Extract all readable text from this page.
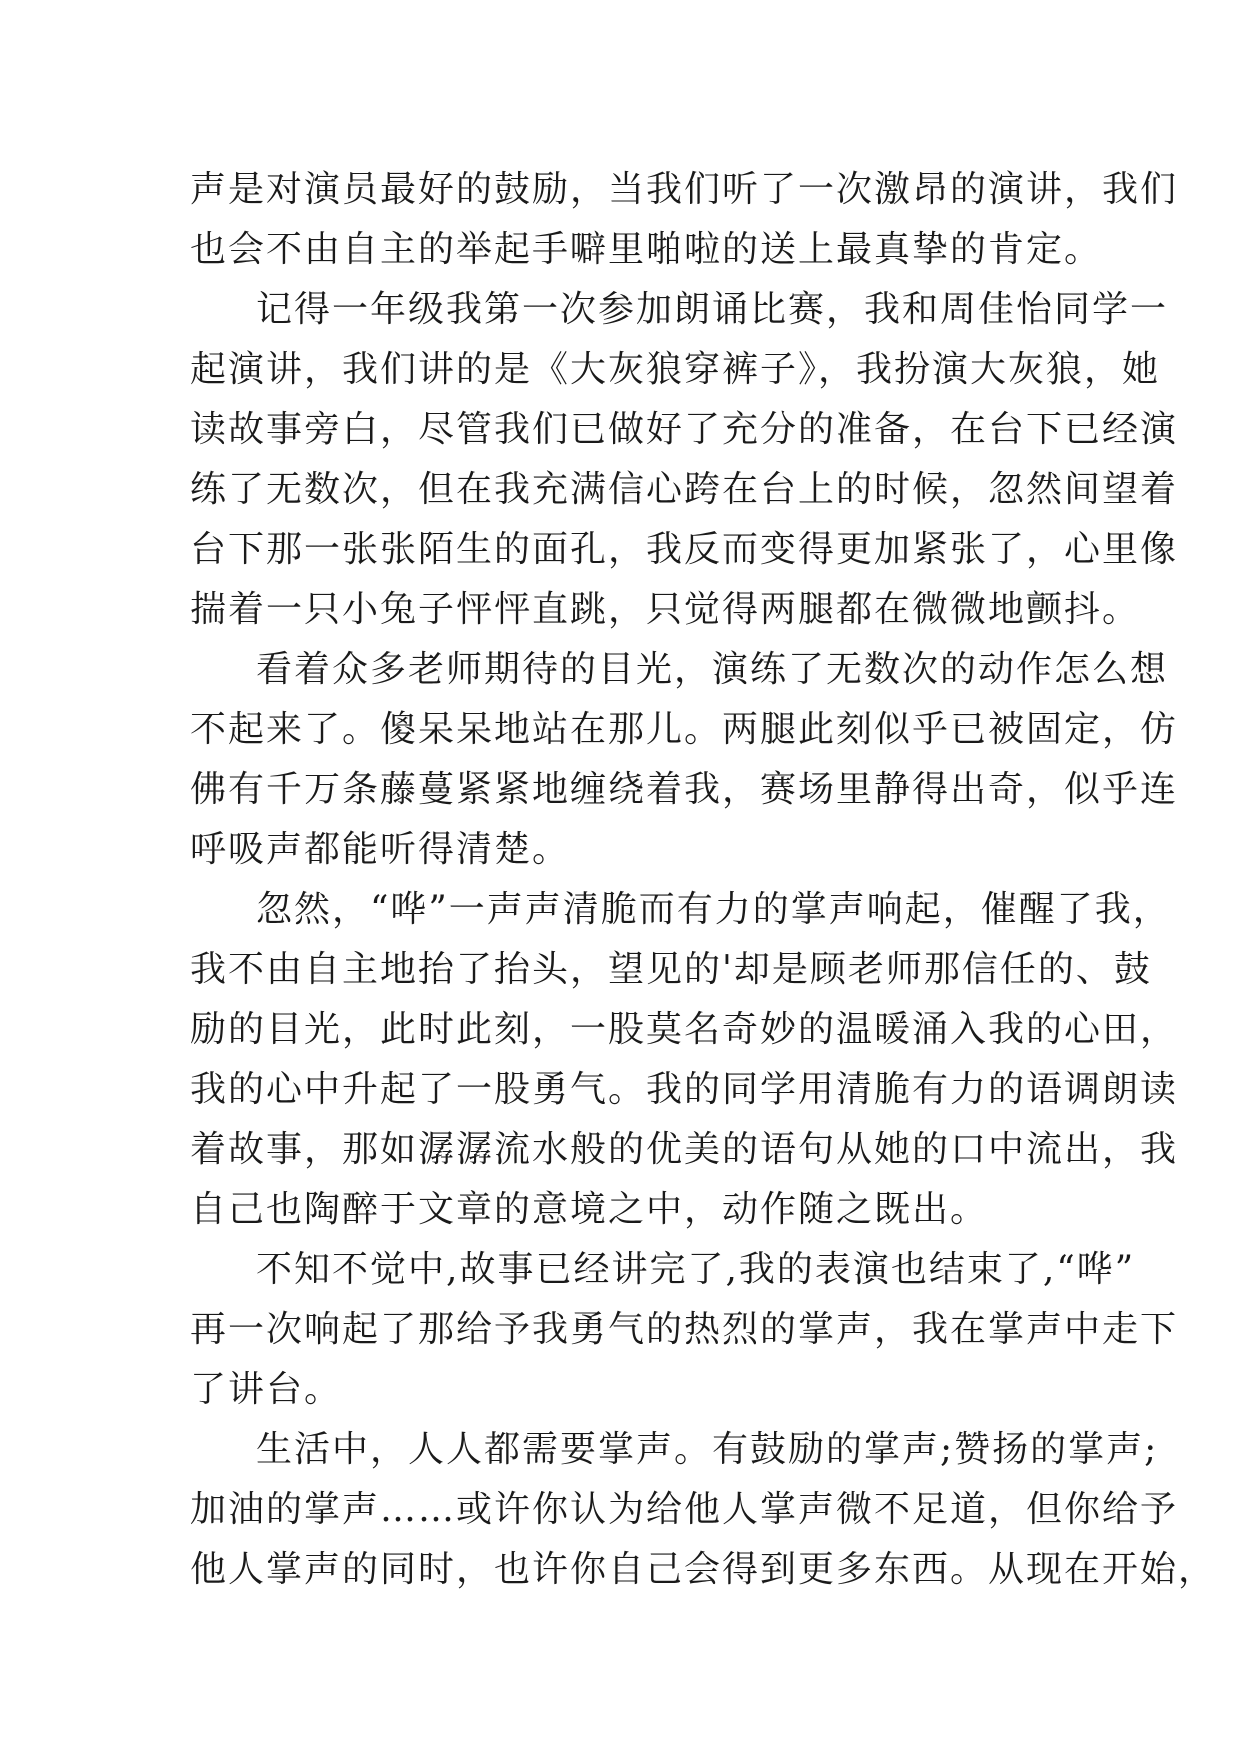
声是对演员最好的鼓励，当我们听了一次激昂的演讲，我们
也会不由自主的举起手噼里啪啦的送上最真挚的肯定。
记得一年级我第一次参加朗诵比赛，我和周佳怡同学一
起演讲，我们讲的是《大灰狼穿裤子》，我扮演大灰狼，她
读故事旁白，尽管我们已做好了充分的准备，在台下已经演
练了无数次，但在我充满信心跨在台上的时候，忽然间望着
台下那一张张陌生的面孔，我反而变得更加紧张了，心里像
揣着一只小兔子怦怦直跳，只觉得两腿都在微微地颤抖。
看着众多老师期待的目光，演练了无数次的动作怎么想
不起来了。傻呆呆地站在那儿。两腿此刻似乎已被固定，仿
佛有千万条藤蔓紧紧地缠绕着我，赛场里静得出奇，似乎连
呼吸声都能听得清楚。
忽然，“哗”一声声清脆而有力的掌声响起，催醒了我，
我不由自主地抬了抬头，望见的'却是顾老师那信任的、鼓
励的目光，此时此刻，一股莫名奇妙的温暖涌入我的心田，
我的心中升起了一股勇气。我的同学用清脆有力的语调朗读
着故事，那如潺潺流水般的优美的语句从她的口中流出，我
自己也陶醉于文章的意境之中，动作随之既出。
不知不觉中,故事已经讲完了,我的表演也结束了,“哗”
再一次响起了那给予我勇气的热烈的掌声，我在掌声中走下
了讲台。
生活中，人人都需要掌声。有鼓励的掌声;赞扬的掌声;
加油的掌声……或许你认为给他人掌声微不足道，但你给予
他人掌声的同时，也许你自己会得到更多东西。从现在开始，
